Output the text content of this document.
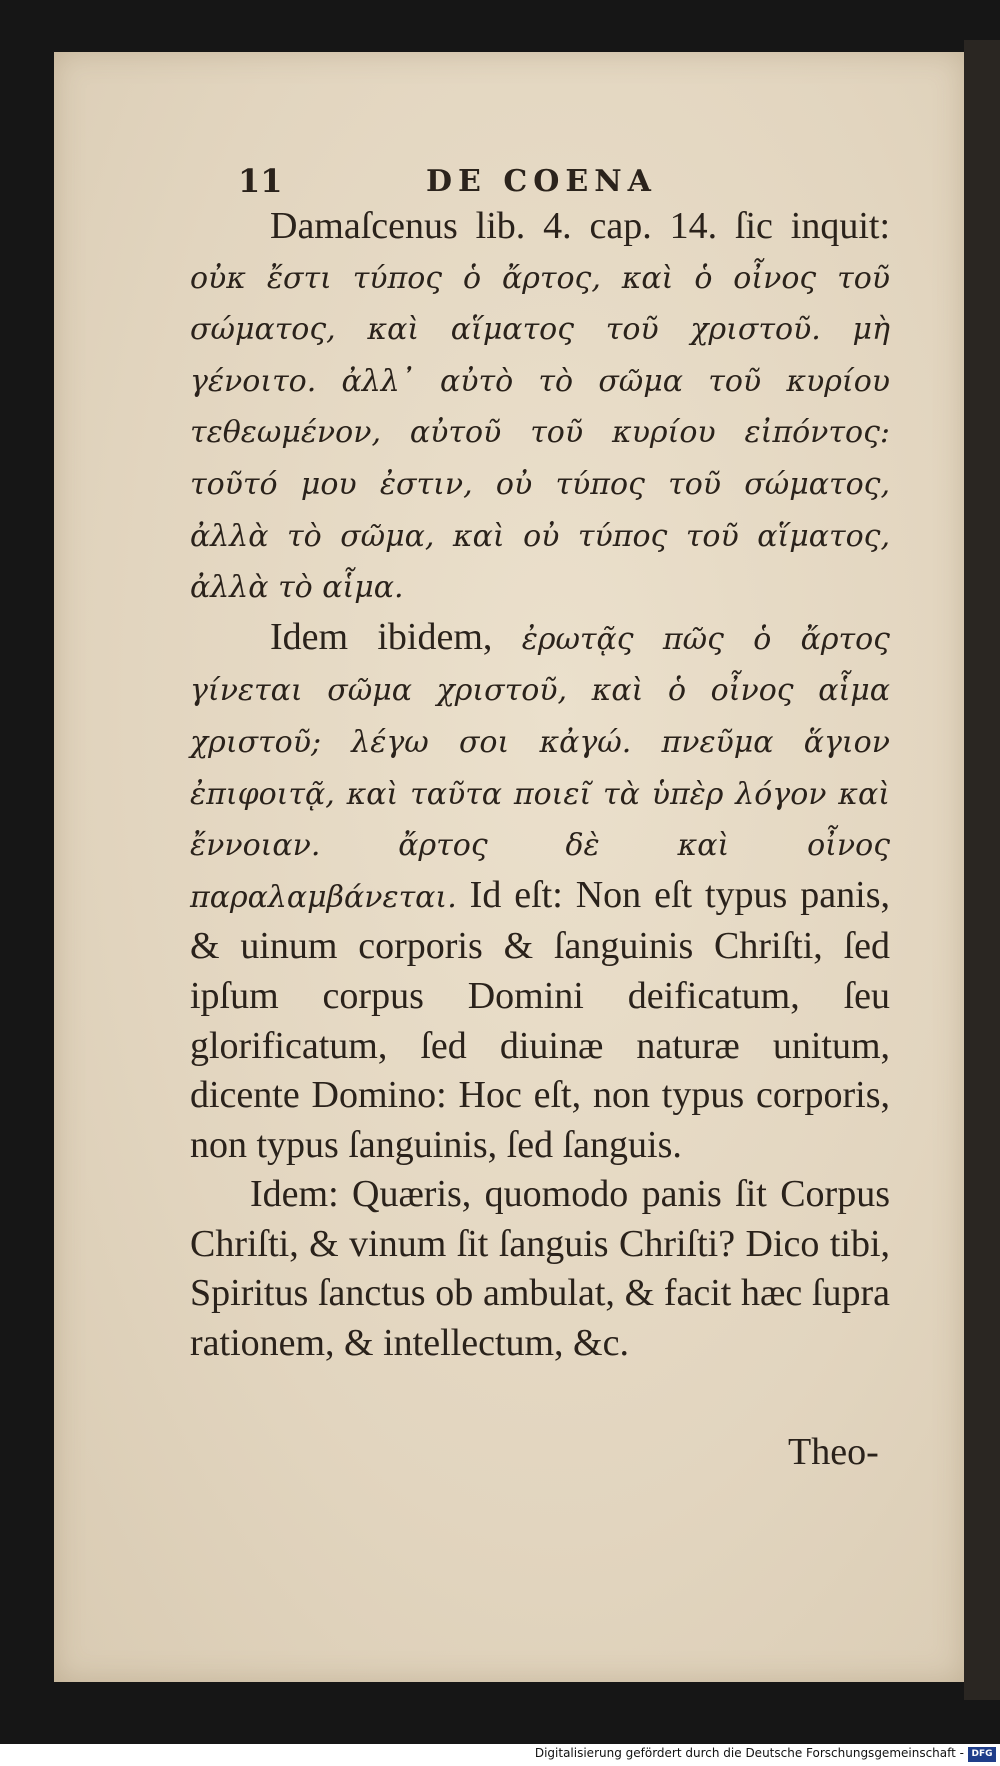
11	DE COENA

Damaſcenus lib. 4. cap. 14. ſic inquit: οὐκ ἔστι τύπος ὁ ἄρτος, καὶ ὁ οἶνος τοῦ σώματος, καὶ αἵματος τοῦ χριστοῦ. μὴ γένοιτο. ἀλλ᾽ αὐτὸ τὸ σῶμα τοῦ κυρίου τεθεωμένον, αὐτοῦ τοῦ κυρίου εἰπόντος: τοῦτό μου ἐστιν, οὐ τύπος τοῦ σώματος, ἀλλὰ τὸ σῶμα, καὶ οὐ τύπος τοῦ αἵματος, ἀλλὰ τὸ αἷμα.

Idem ibidem, ἐρωτᾷς πῶς ὁ ἄρτος γίνεται σῶμα χριστοῦ, καὶ ὁ οἶνος αἷμα χριστοῦ; λέγω σοι κἀγώ. πνεῦμα ἅγιον ἐπιφοιτᾷ, καὶ ταῦτα ποιεῖ τὰ ὑπὲρ λόγον καὶ ἔννοιαν. ἄρτος δὲ καὶ οἶνος παραλαμβάνεται. Id eſt: Non eſt typus panis, & uinum corporis & ſanguinis Chriſti, ſed ipſum corpus Domini deificatum, ſeu glorificatum, ſed diuinæ naturæ unitum, dicente Domino: Hoc eſt, non typus corporis, non typus ſanguinis, ſed ſanguis.

Idem: Quæris, quomodo panis ſit Corpus Chriſti, & vinum ſit ſanguis Chriſti? Dico tibi, Spiritus ſanctus ob ambulat, & facit hæc ſupra rationem, & intellectum, &c.

Theo-
Digitalisierung gefördert durch die Deutsche Forschungsgemeinschaft - DFG
